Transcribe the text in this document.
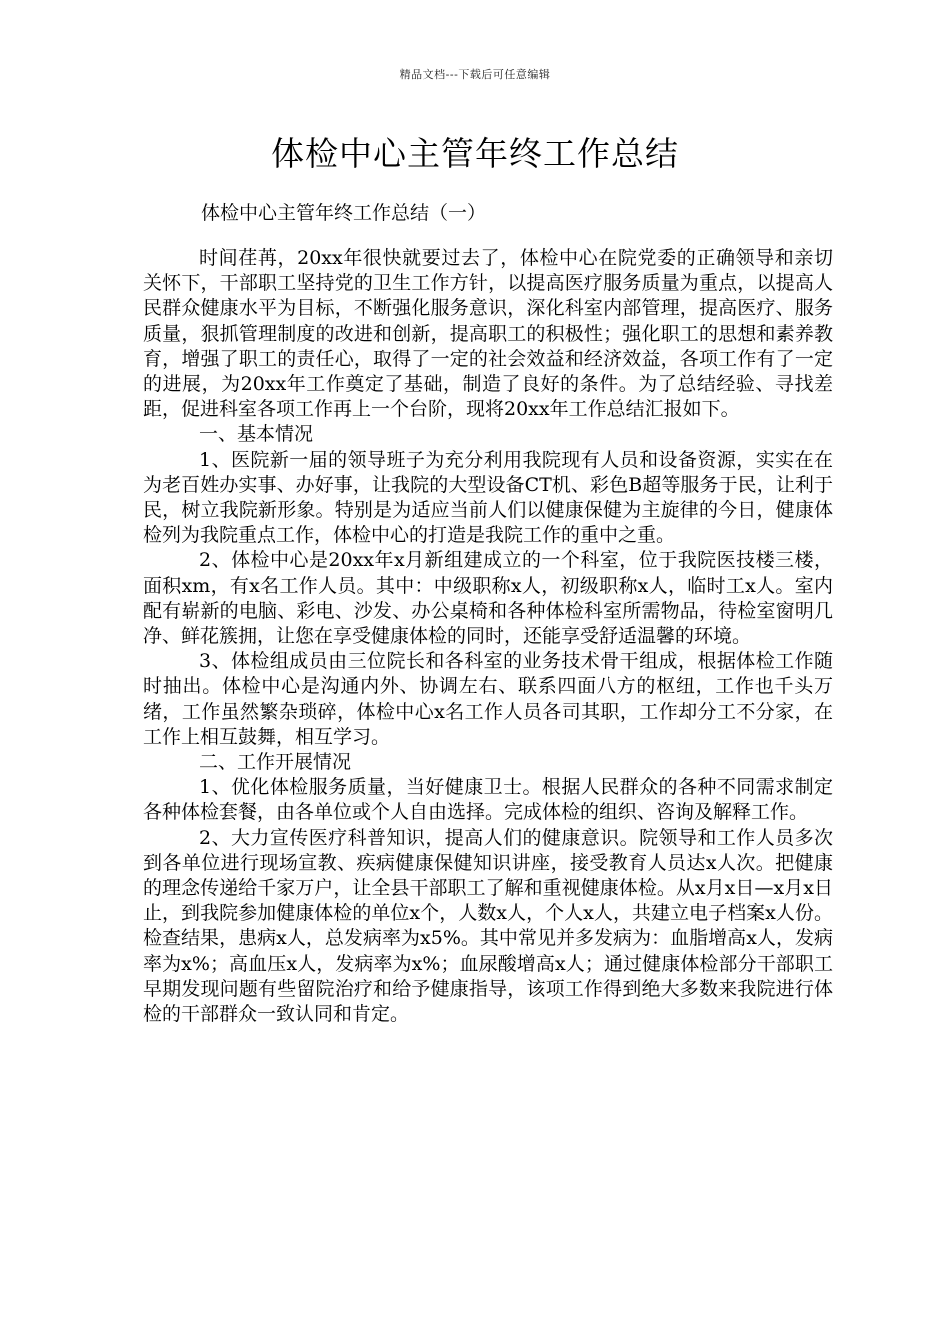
精品文档---下载后可任意编辑
体检中心主管年终工作总结
体检中心主管年终工作总结（一）

时间荏苒，20xx年很快就要过去了，体检中心在院党委的正确领导和亲切关怀下，干部职工坚持党的卫生工作方针，以提高医疗服务质量为重点，以提高人民群众健康水平为目标，不断强化服务意识，深化科室内部管理，提高医疗、服务质量，狠抓管理制度的改进和创新，提高职工的积极性；强化职工的思想和素养教育，增强了职工的责任心，取得了一定的社会效益和经济效益，各项工作有了一定的进展，为20xx年工作奠定了基础，制造了良好的条件。为了总结经验、寻找差距，促进科室各项工作再上一个台阶，现将20xx年工作总结汇报如下。

一、基本情况

1、医院新一届的领导班子为充分利用我院现有人员和设备资源，实实在在为老百姓办实事、办好事，让我院的大型设备CT机、彩色B超等服务于民，让利于民，树立我院新形象。特别是为适应当前人们以健康保健为主旋律的今日，健康体检列为我院重点工作，体检中心的打造是我院工作的重中之重。

2、体检中心是20xx年x月新组建成立的一个科室，位于我院医技楼三楼，面积xm，有x名工作人员。其中：中级职称x人，初级职称x人，临时工x人。室内配有崭新的电脑、彩电、沙发、办公桌椅和各种体检科室所需物品，待检室窗明几净、鲜花簇拥，让您在享受健康体检的同时，还能享受舒适温馨的环境。

3、体检组成员由三位院长和各科室的业务技术骨干组成，根据体检工作随时抽出。体检中心是沟通内外、协调左右、联系四面八方的枢纽，工作也千头万绪，工作虽然繁杂琐碎，体检中心x名工作人员各司其职，工作却分工不分家，在工作上相互鼓舞，相互学习。

二、工作开展情况

1、优化体检服务质量，当好健康卫士。根据人民群众的各种不同需求制定各种体检套餐，由各单位或个人自由选择。完成体检的组织、咨询及解释工作。

2、大力宣传医疗科普知识，提高人们的健康意识。院领导和工作人员多次到各单位进行现场宣教、疾病健康保健知识讲座，接受教育人员达x人次。把健康的理念传递给千家万户，让全县干部职工了解和重视健康体检。从x月x日—x月x日止，到我院参加健康体检的单位x个，人数x人，个人x人，共建立电子档案x人份。检查结果，患病x人，总发病率为x5%。其中常见并多发病为：血脂增高x人，发病率为x%；高血压x人，发病率为x%；血尿酸增高x人；通过健康体检部分干部职工早期发现问题有些留院治疗和给予健康指导，该项工作得到绝大多数来我院进行体检的干部群众一致认同和肯定。
